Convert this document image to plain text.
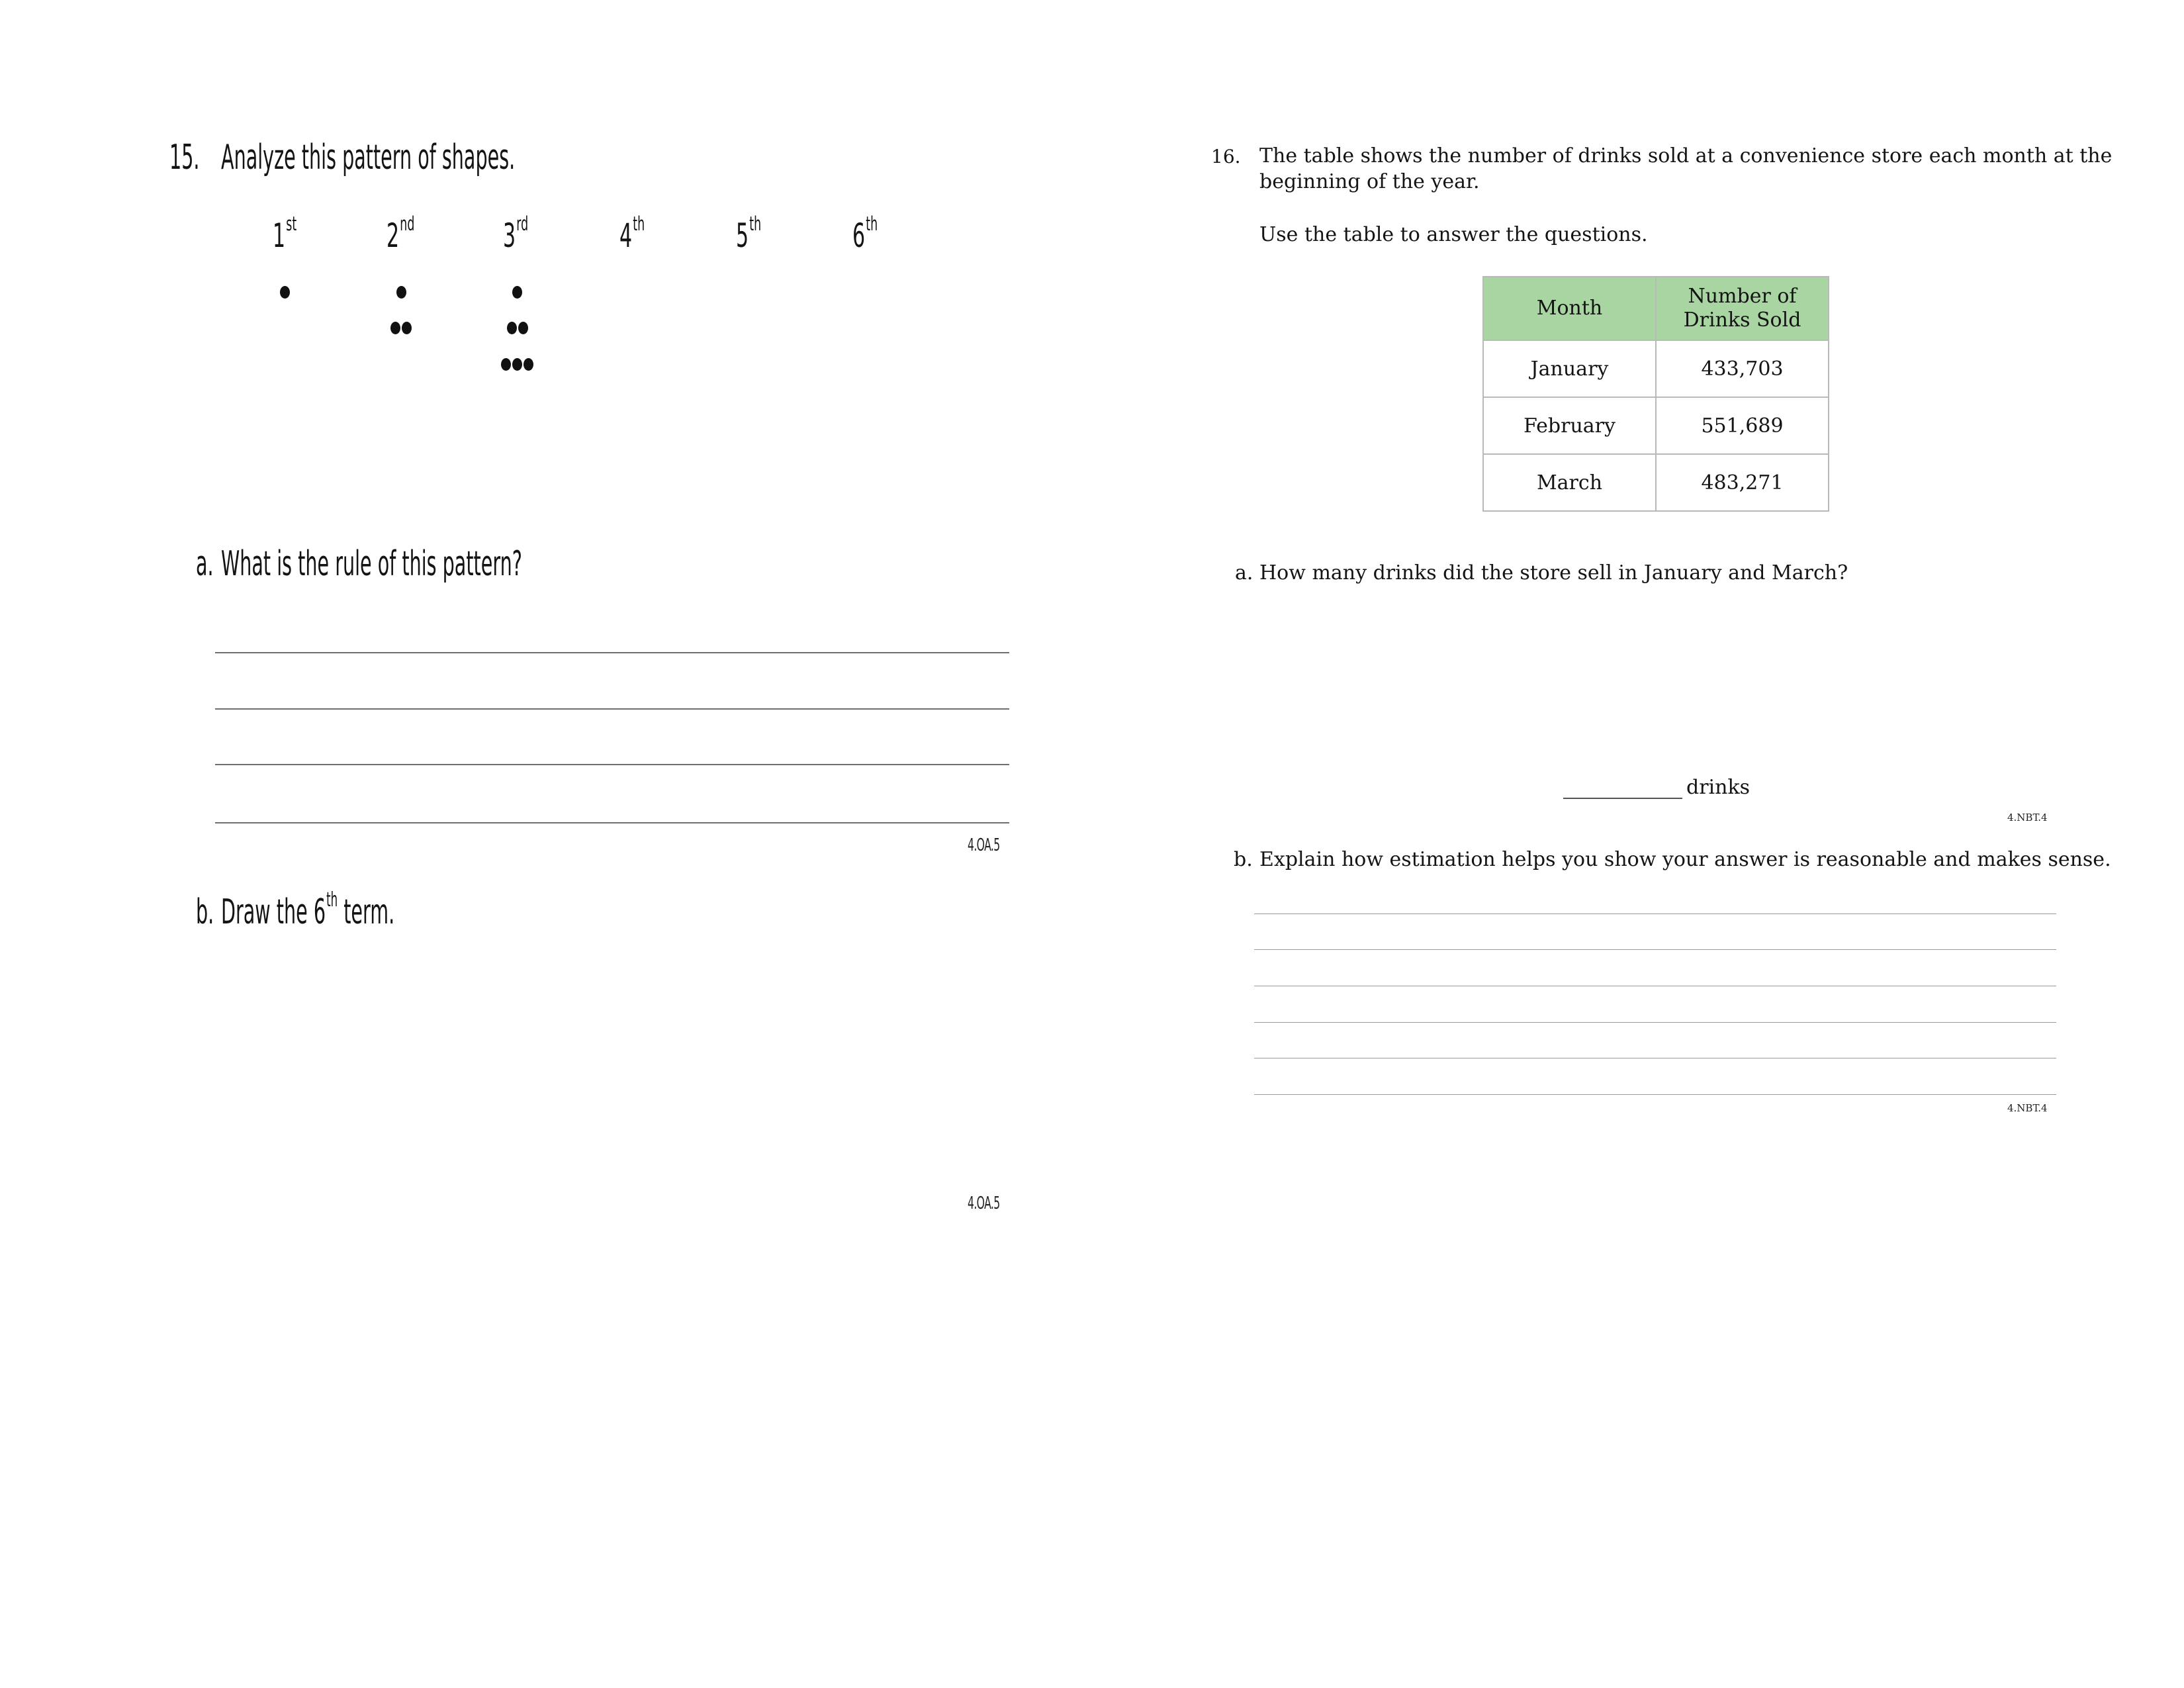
15. Analyze this pattern of shapes.
1st	2nd	3rd	4th	5th	6th
a. What is the rule of this pattern?
4.OA.5
b. Draw the 6th term.
4.OA.5
16. The table shows the number of drinks sold at a convenience store each month at the
beginning of the year.
Use the table to answer the questions.
Month	Number of
Drinks Sold
January	433,703
February	551,689
March	483,271
a. How many drinks did the store sell in January and March?
drinks
4.NBT.4
b. Explain how estimation helps you show your answer is reasonable and makes sense.
4.NBT.4
